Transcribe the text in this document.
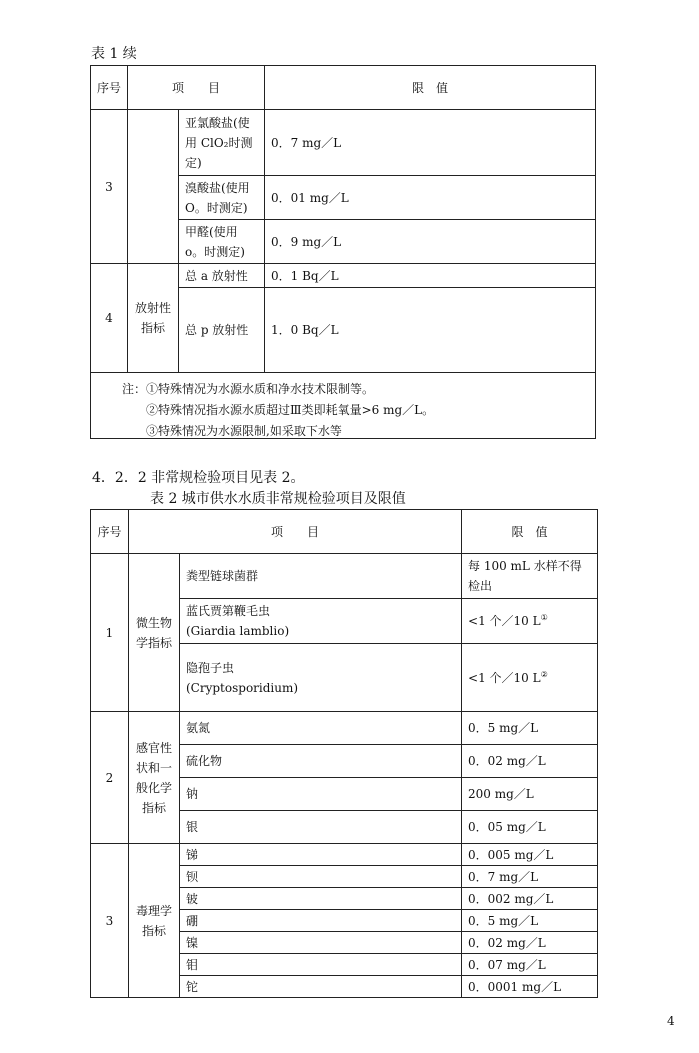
表 1 续
序号	项　　目		限　值
3		亚氯酸盐(使用 ClO₂时测定)	0．7 mg／L
		溴酸盐(使用 O。时测定)	0．01 mg／L
		甲醛(使用 o。时测定)	0．9 mg／L
4	放射性指标	总 a 放射性	0．1 Bq／L
		总 p 放射性	1．0 Bq／L

注：①特殊情况为水源水质和净水技术限制等。
②特殊情况指水源水质超过Ⅲ类即耗氧量>6 mg／L。
③特殊情况为水源限制,如采取下水等
4．2．2 非常规检验项目见表 2。
表 2 城市供水水质非常规检验项目及限值
序号	项　　目		限　值
1	微生物学指标	粪型链球菌群	每 100 mL 水样不得检出

		蓝氏贾第鞭毛虫
(Giardia lamblio)	<1 个／10 L①

		隐孢子虫
(Cryptosporidium)	<1 个／10 L②
2	感官性状和一般化学指标	氨氮	0．5 mg／L
		硫化物	0．02 mg／L
		钠	200 mg／L
		银	0．05 mg／L
3	毒理学指标	锑	0．005 mg／L
		钡	0．7 mg／L
		铍	0．002 mg／L
		硼	0．5 mg／L
		镍	0．02 mg／L
		钼	0．07 mg／L
		铊	0．0001 mg／L
4
